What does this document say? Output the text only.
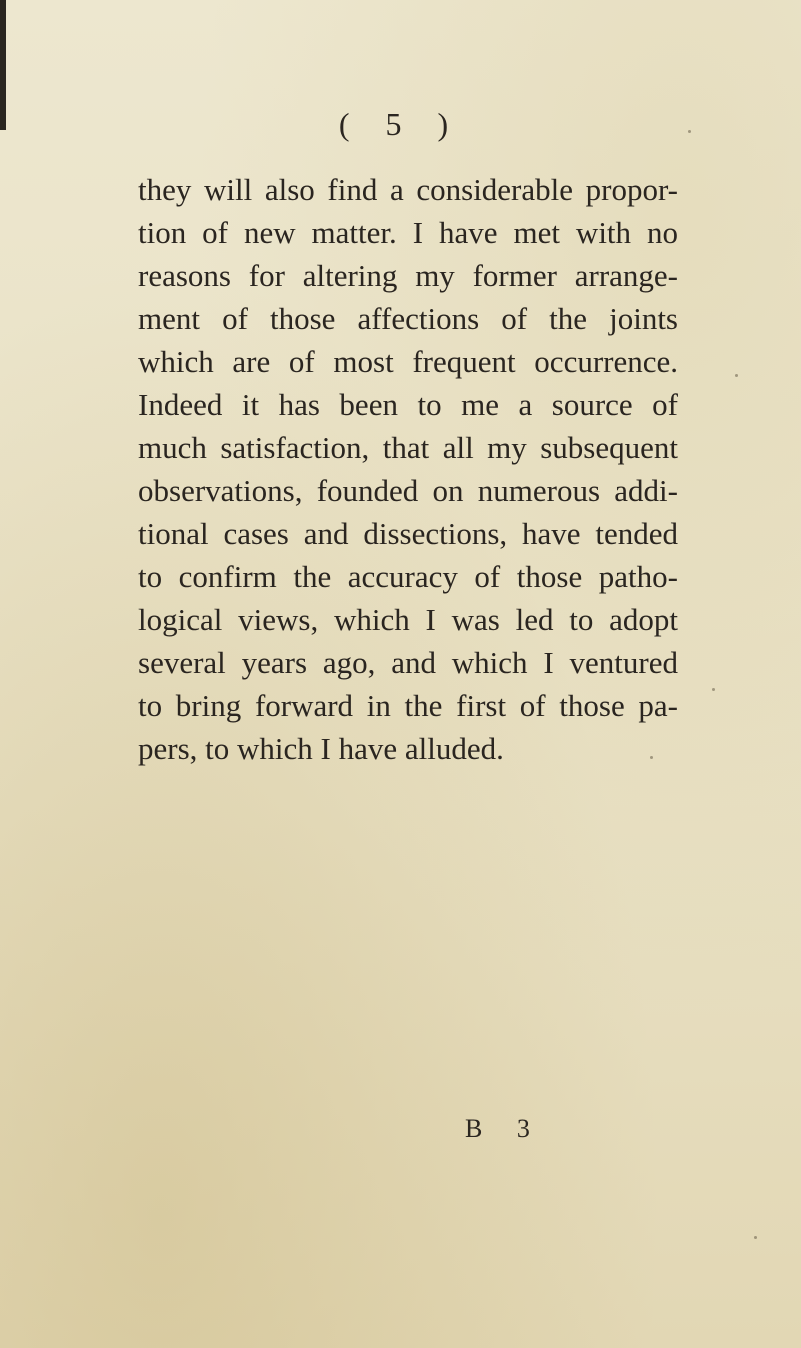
( 5 )
they will also find a considerable propor-
tion of new matter. I have met with no
reasons for altering my former arrange-
ment of those affections of the joints
which are of most frequent occurrence.
Indeed it has been to me a source of
much satisfaction, that all my subsequent
observations, founded on numerous addi-
tional cases and dissections, have tended
to confirm the accuracy of those patho-
logical views, which I was led to adopt
several years ago, and which I ventured
to bring forward in the first of those pa-
pers, to which I have alluded.
B 3
